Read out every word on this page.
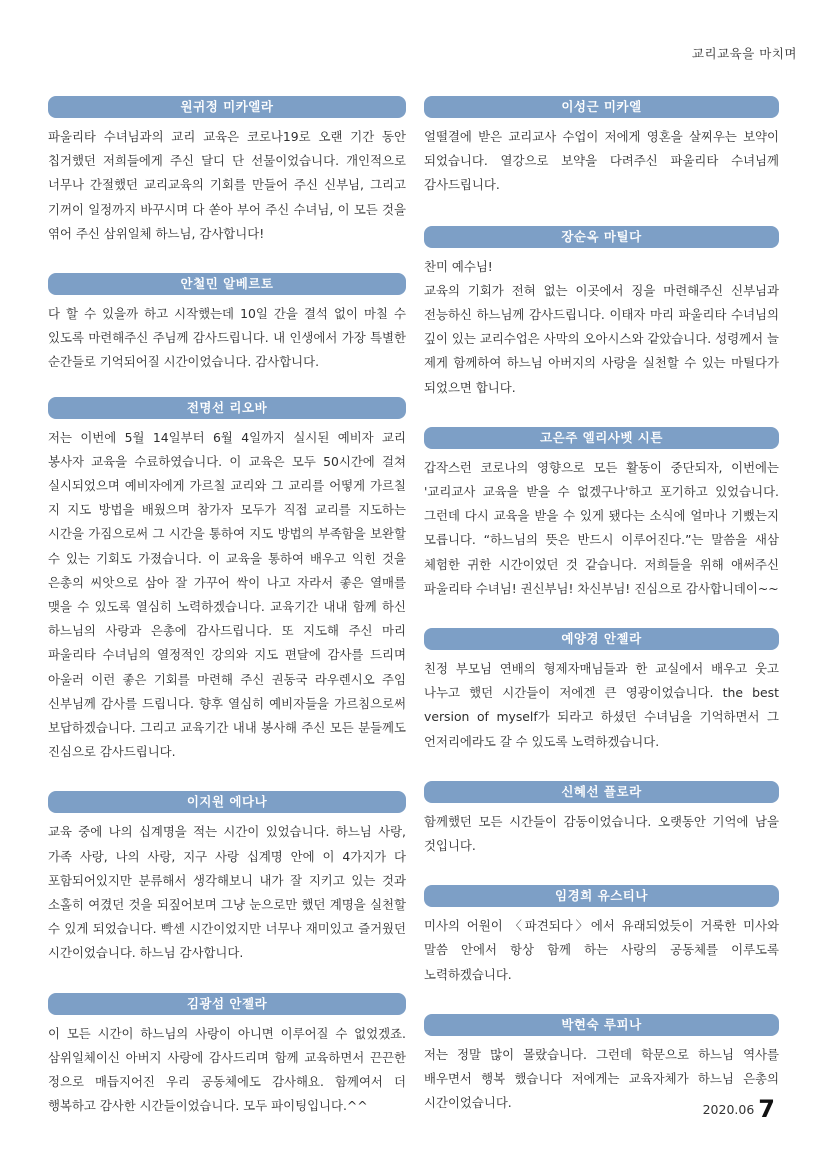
교리교육을 마치며
원귀정 미카엘라
파울리타 수녀님과의 교리 교육은 코로나19로 오랜 기간 동안 칩거했던 저희들에게 주신 달디 단 선물이었습니다. 개인적으로 너무나 간절했던 교리교육의 기회를 만들어 주신 신부님, 그리고 기꺼이 일정까지 바꾸시며 다 쏟아 부어 주신 수녀님, 이 모든 것을 엮어 주신 삼위일체 하느님, 감사합니다!
안철민 알베르토
다 할 수 있을까 하고 시작했는데 10일 간을 결석 없이 마칠 수 있도록 마련해주신 주님께 감사드립니다. 내 인생에서 가장 특별한 순간들로 기억되어질 시간이었습니다. 감사합니다.
전명선 리오바
저는 이번에 5월 14일부터 6월 4일까지 실시된 예비자 교리 봉사자 교육을 수료하였습니다. 이 교육은 모두 50시간에 걸쳐 실시되었으며 예비자에게 가르칠 교리와 그 교리를 어떻게 가르칠 지 지도 방법을 배웠으며 참가자 모두가 직접 교리를 지도하는 시간을 가짐으로써 그 시간을 통하여 지도 방법의 부족함을 보완할 수 있는 기회도 가졌습니다. 이 교육을 통하여 배우고 익힌 것을 은총의 씨앗으로 삼아 잘 가꾸어 싹이 나고 자라서 좋은 열매를 맺을 수 있도록 열심히 노력하겠습니다. 교육기간 내내 함께 하신 하느님의 사랑과 은총에 감사드립니다. 또 지도해 주신 마리 파울리타 수녀님의 열정적인 강의와 지도 편달에 감사를 드리며 아울러 이런 좋은 기회를 마련해 주신 권동국 라우렌시오 주임 신부님께 감사를 드립니다. 향후 열심히 예비자들을 가르침으로써 보답하겠습니다. 그리고 교육기간 내내 봉사해 주신 모든 분들께도 진심으로 감사드립니다.
이지원 에다나
교육 중에 나의 십계명을 적는 시간이 있었습니다. 하느님 사랑, 가족 사랑, 나의 사랑, 지구 사랑 십계명 안에 이 4가지가 다 포함되어있지만 분류해서 생각해보니 내가 잘 지키고 있는 것과 소홀히 여겼던 것을 되짚어보며 그냥 눈으로만 했던 계명을 실천할 수 있게 되었습니다. 빡센 시간이었지만 너무나 재미있고 즐거웠던 시간이었습니다. 하느님 감사합니다.
김광섬 안젤라
이 모든 시간이 하느님의 사랑이 아니면 이루어질 수 없었겠죠. 삼위일체이신 아버지 사랑에 감사드리며 함께 교육하면서 끈끈한 정으로 매듭지어진 우리 공동체에도 감사해요. 함께여서 더 행복하고 감사한 시간들이었습니다. 모두 파이팅입니다.^^
이성근 미카엘
얼떨결에 받은 교리교사 수업이 저에게 영혼을 살찌우는 보약이 되었습니다. 열강으로 보약을 다려주신 파울리타 수녀님께 감사드립니다.
장순옥 마틸다
찬미 예수님!
교육의 기회가 전혀 없는 이곳에서 징을 마련해주신 신부님과 전능하신 하느님께 감사드립니다. 이태자 마리 파울리타 수녀님의 깊이 있는 교리수업은 사막의 오아시스와 같았습니다. 성령께서 늘 제게 함께하여 하느님 아버지의 사랑을 실천할 수 있는 마틸다가 되었으면 합니다.
고은주 엘리사벳 시튼
갑작스런 코로나의 영향으로 모든 활동이 중단되자, 이번에는 '교리교사 교육을 받을 수 없겠구나'하고 포기하고 있었습니다. 그런데 다시 교육을 받을 수 있게 됐다는 소식에 얼마나 기뻤는지 모릅니다. “하느님의 뜻은 반드시 이루어진다.”는 말씀을 새삼 체험한 귀한 시간이었던 것 같습니다. 저희들을 위해 애써주신 파울리타 수녀님! 권신부님! 차신부님! 진심으로 감사합니데이~~
예양경 안젤라
친정 부모님 연배의 형제자매님들과 한 교실에서 배우고 웃고 나누고 했던 시간들이 저에겐 큰 영광이었습니다. the best version of myself가 되라고 하셨던 수녀님을 기억하면서 그 언저리에라도 갈 수 있도록 노력하겠습니다.
신혜선 플로라
함께했던 모든 시간들이 감동이었습니다. 오랫동안 기억에 남을 것입니다.
임경희 유스티나
미사의 어원이 〈파견되다〉에서 유래되었듯이 거룩한 미사와 말씀 안에서 항상 함께 하는 사랑의 공동체를 이루도록 노력하겠습니다.
박현숙 루피나
저는 정말 많이 몰랐습니다. 그런데 학문으로 하느님 역사를 배우면서 행복 했습니다 저에게는 교육자체가 하느님 은총의 시간이었습니다.	2020.06 7
